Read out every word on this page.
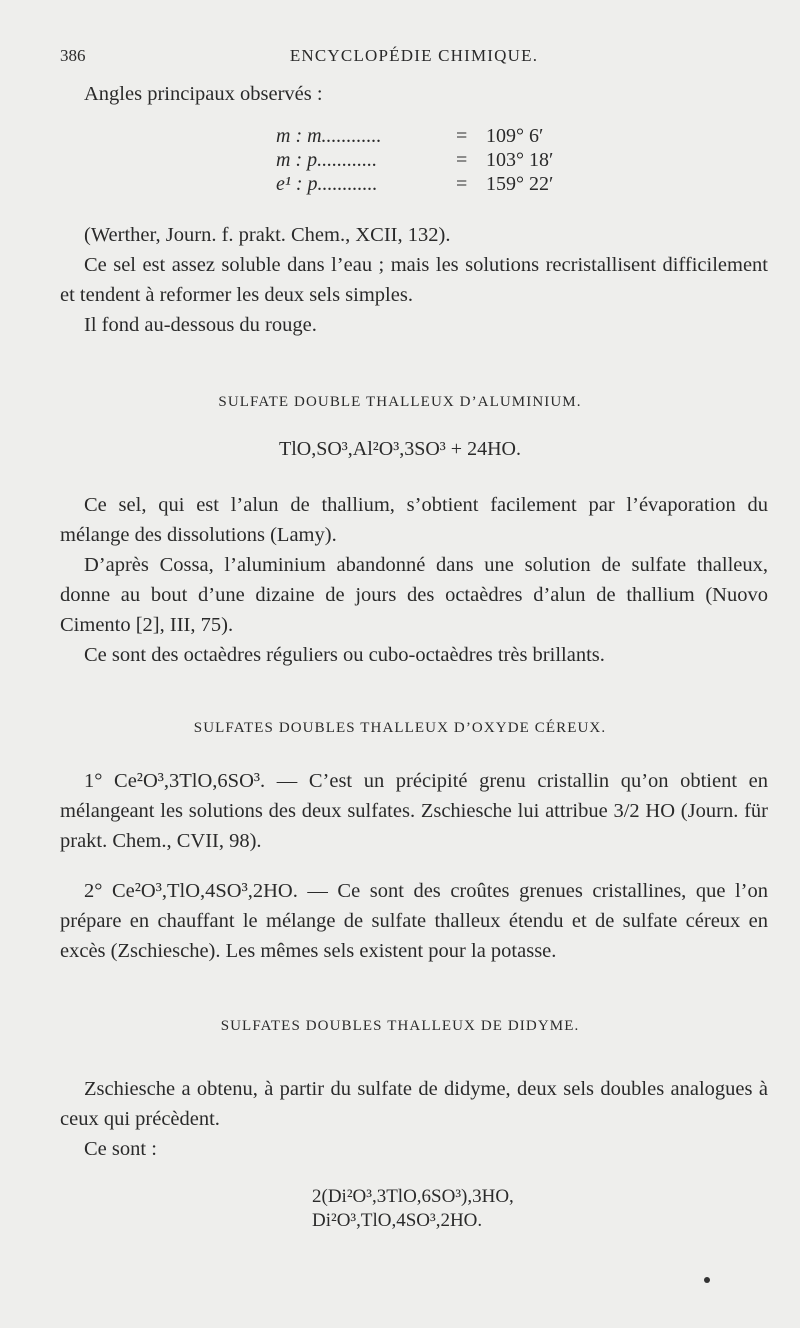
386	ENCYCLOPÉDIE CHIMIQUE.
Angles principaux observés :
m : m............	= 109° 6′
m : p............	= 103° 18′
e¹ : p............	= 159° 22′

(Werther, Journ. f. prakt. Chem., XCII, 132).

Ce sel est assez soluble dans l’eau ; mais les solutions recristallisent difficilement et tendent à reformer les deux sels simples.

Il fond au-dessous du rouge.

SULFATE DOUBLE THALLEUX D’ALUMINIUM.
TlO,SO³,Al²O³,3SO³ + 24HO.

Ce sel, qui est l’alun de thallium, s’obtient facilement par l’évaporation du mélange des dissolutions (Lamy).

D’après Cossa, l’aluminium abandonné dans une solution de sulfate thalleux, donne au bout d’une dizaine de jours des octaèdres d’alun de thallium (Nuovo Cimento [2], III, 75).

Ce sont des octaèdres réguliers ou cubo-octaèdres très brillants.

SULFATES DOUBLES THALLEUX D’OXYDE CÉREUX.

1° Ce²O³,3TlO,6SO³. — C’est un précipité grenu cristallin qu’on obtient en mélangeant les solutions des deux sulfates. Zschiesche lui attribue 3/2 HO (Journ. für prakt. Chem., CVII, 98).

2° Ce²O³,TlO,4SO³,2HO. — Ce sont des croûtes grenues cristallines, que l’on prépare en chauffant le mélange de sulfate thalleux étendu et de sulfate céreux en excès (Zschiesche). Les mêmes sels existent pour la potasse.

SULFATES DOUBLES THALLEUX DE DIDYME.

Zschiesche a obtenu, à partir du sulfate de didyme, deux sels doubles analogues à ceux qui précèdent.

Ce sont :

2(Di²O³,3TlO,6SO³),3HO,
Di²O³,TlO,4SO³,2HO.
